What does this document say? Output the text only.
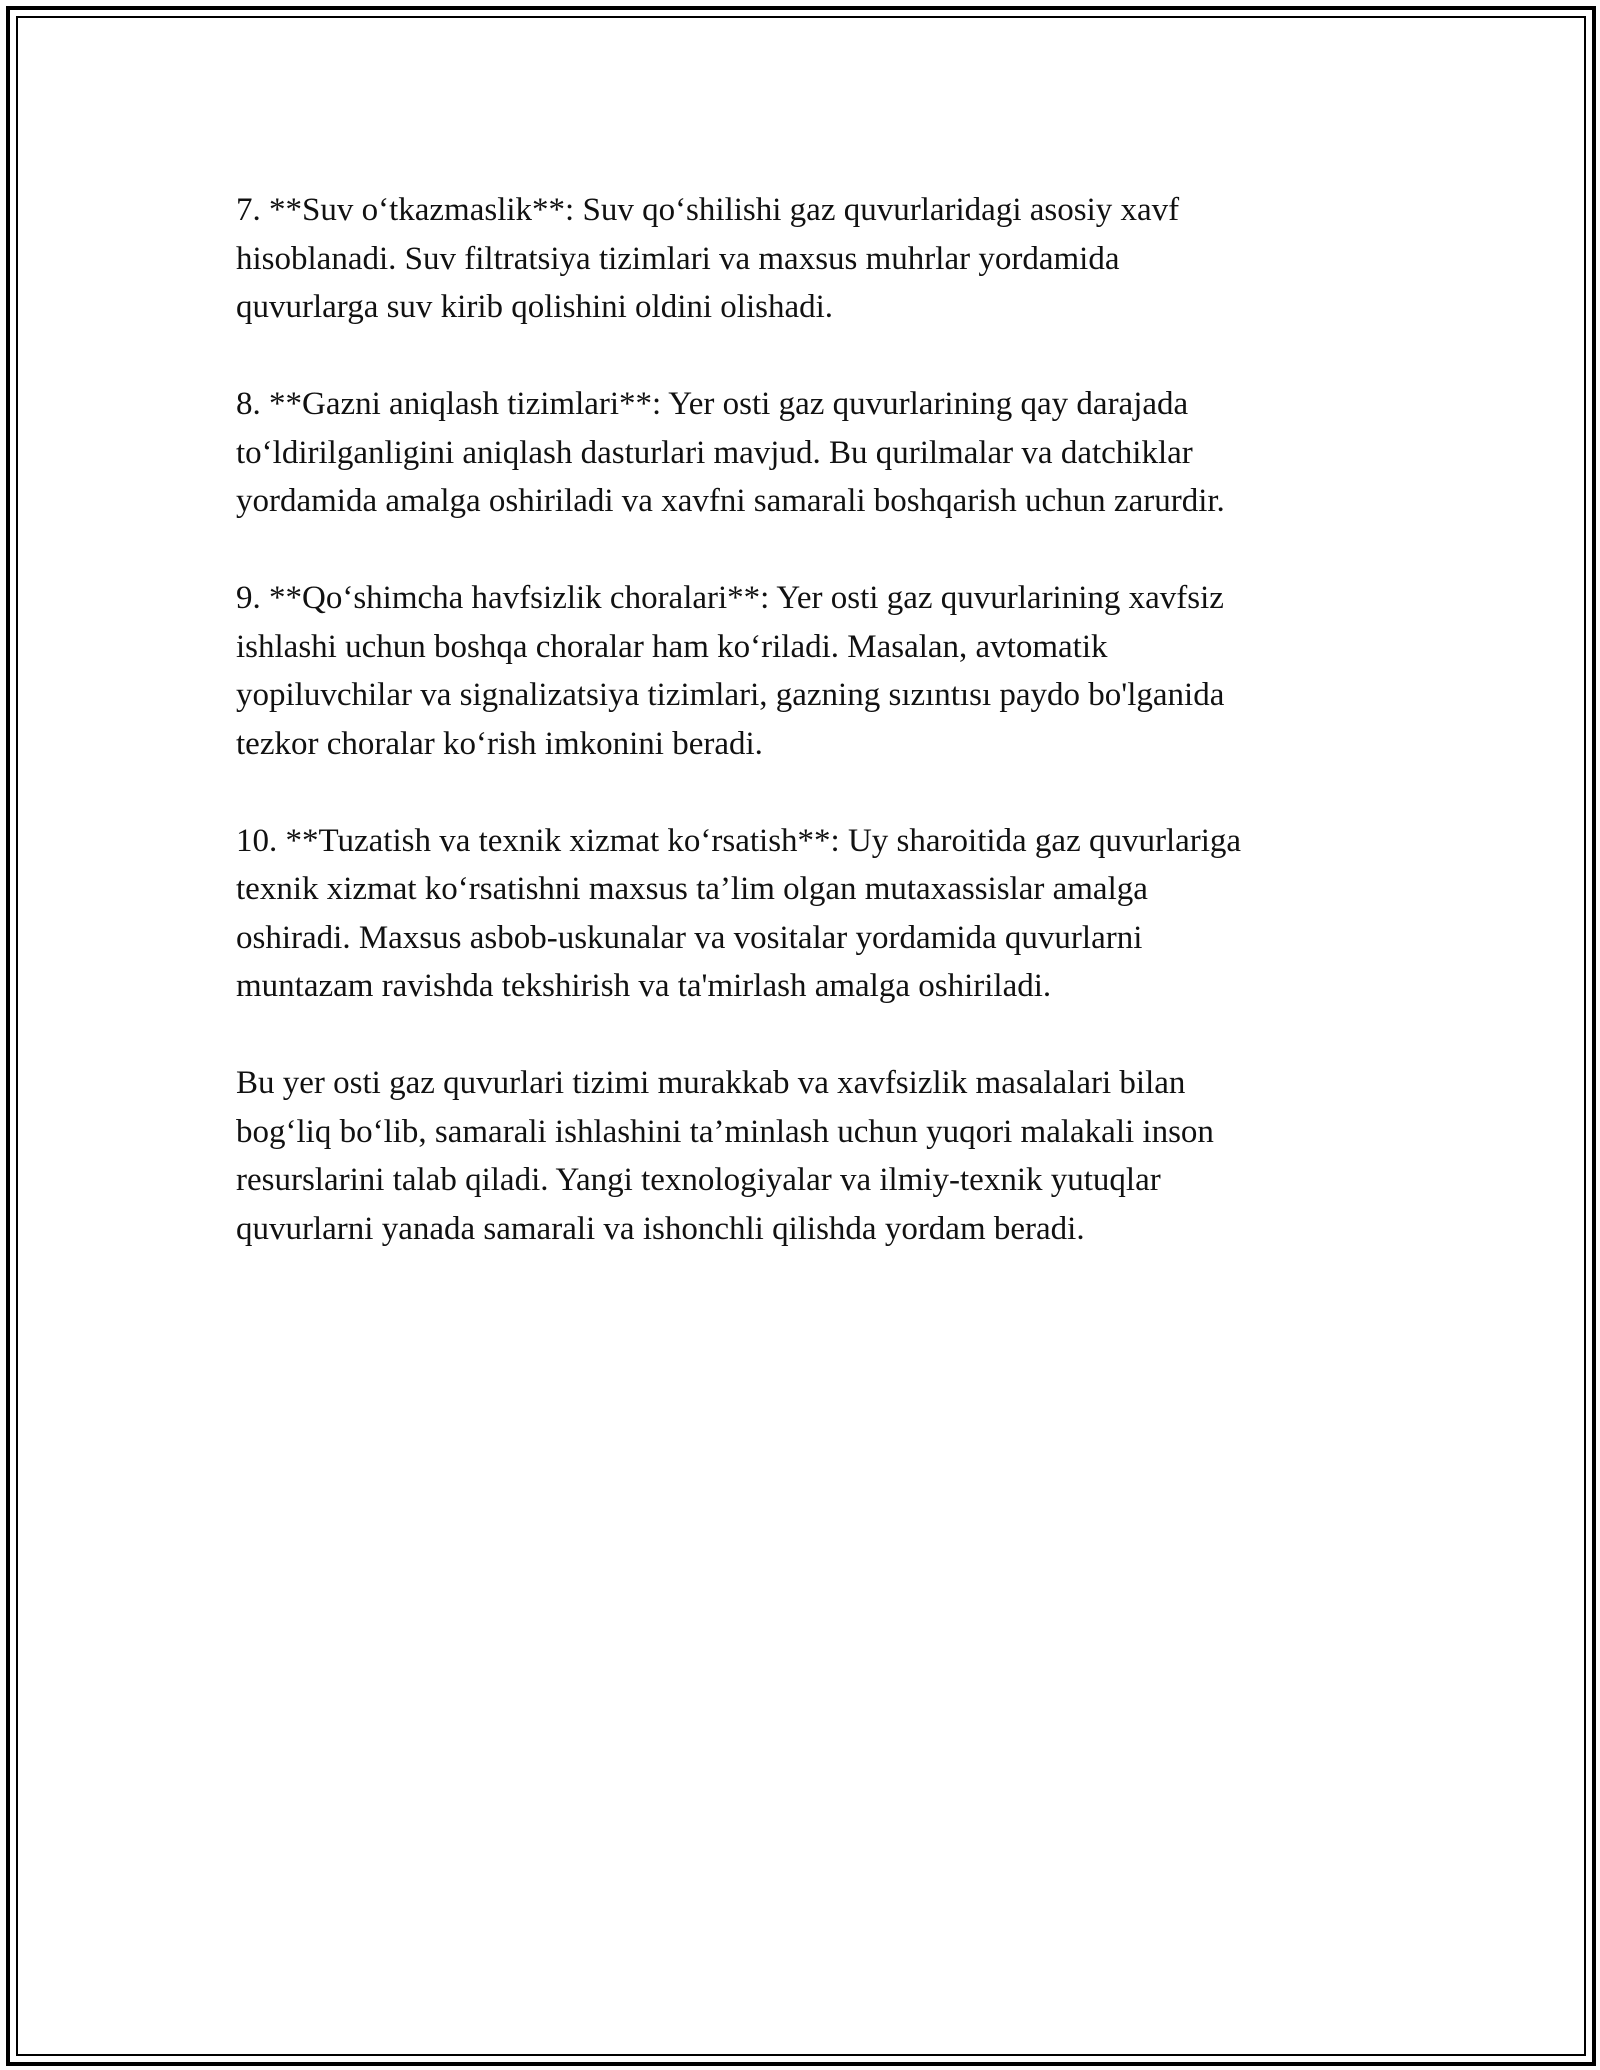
7. **Suv o‘tkazmaslik**: Suv qo‘shilishi gaz quvurlaridagi asosiy xavf
hisoblanadi. Suv filtratsiya tizimlari va maxsus muhrlar yordamida
quvurlarga suv kirib qolishini oldini olishadi.
8. **Gazni aniqlash tizimlari**: Yer osti gaz quvurlarining qay darajada
to‘ldirilganligini aniqlash dasturlari mavjud. Bu qurilmalar va datchiklar
yordamida amalga oshiriladi va xavfni samarali boshqarish uchun zarurdir.
9. **Qo‘shimcha havfsizlik choralari**: Yer osti gaz quvurlarining xavfsiz
ishlashi uchun boshqa choralar ham ko‘riladi. Masalan, avtomatik
yopiluvchilar va signalizatsiya tizimlari, gazning sızıntısı paydo bo'lganida
tezkor choralar ko‘rish imkonini beradi.
10. **Tuzatish va texnik xizmat ko‘rsatish**: Uy sharoitida gaz quvurlariga
texnik xizmat ko‘rsatishni maxsus ta’lim olgan mutaxassislar amalga
oshiradi. Maxsus asbob-uskunalar va vositalar yordamida quvurlarni
muntazam ravishda tekshirish va ta'mirlash amalga oshiriladi.
Bu yer osti gaz quvurlari tizimi murakkab va xavfsizlik masalalari bilan
bog‘liq bo‘lib, samarali ishlashini ta’minlash uchun yuqori malakali inson
resurslarini talab qiladi. Yangi texnologiyalar va ilmiy-texnik yutuqlar
quvurlarni yanada samarali va ishonchli qilishda yordam beradi.
